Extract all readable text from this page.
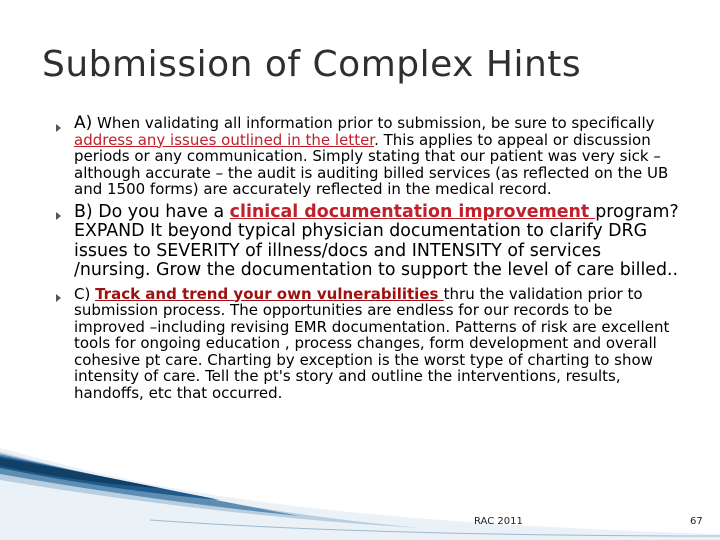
Submission of Complex Hints
A) When validating all information prior to submission, be sure to specifically address any issues outlined in the letter. This applies to appeal or discussion periods or any communication. Simply stating that our patient was very sick –although accurate – the audit is auditing billed services (as reflected on the UB and 1500 forms) are accurately reflected in the medical record.
B) Do you have a clinical documentation improvement program? EXPAND It beyond typical physician documentation to clarify DRG issues to SEVERITY of illness/docs and INTENSITY of services /nursing. Grow the documentation to support the level of care billed..
C) Track and trend your own vulnerabilities thru the validation prior to submission process. The opportunities are endless for our records to be improved –including revising EMR documentation. Patterns of risk are excellent tools for ongoing education , process changes, form development and overall cohesive pt care. Charting by exception is the worst type of charting to show intensity of care. Tell the pt's story and outline the interventions, results, handoffs, etc that occurred.
RAC 2011	67
